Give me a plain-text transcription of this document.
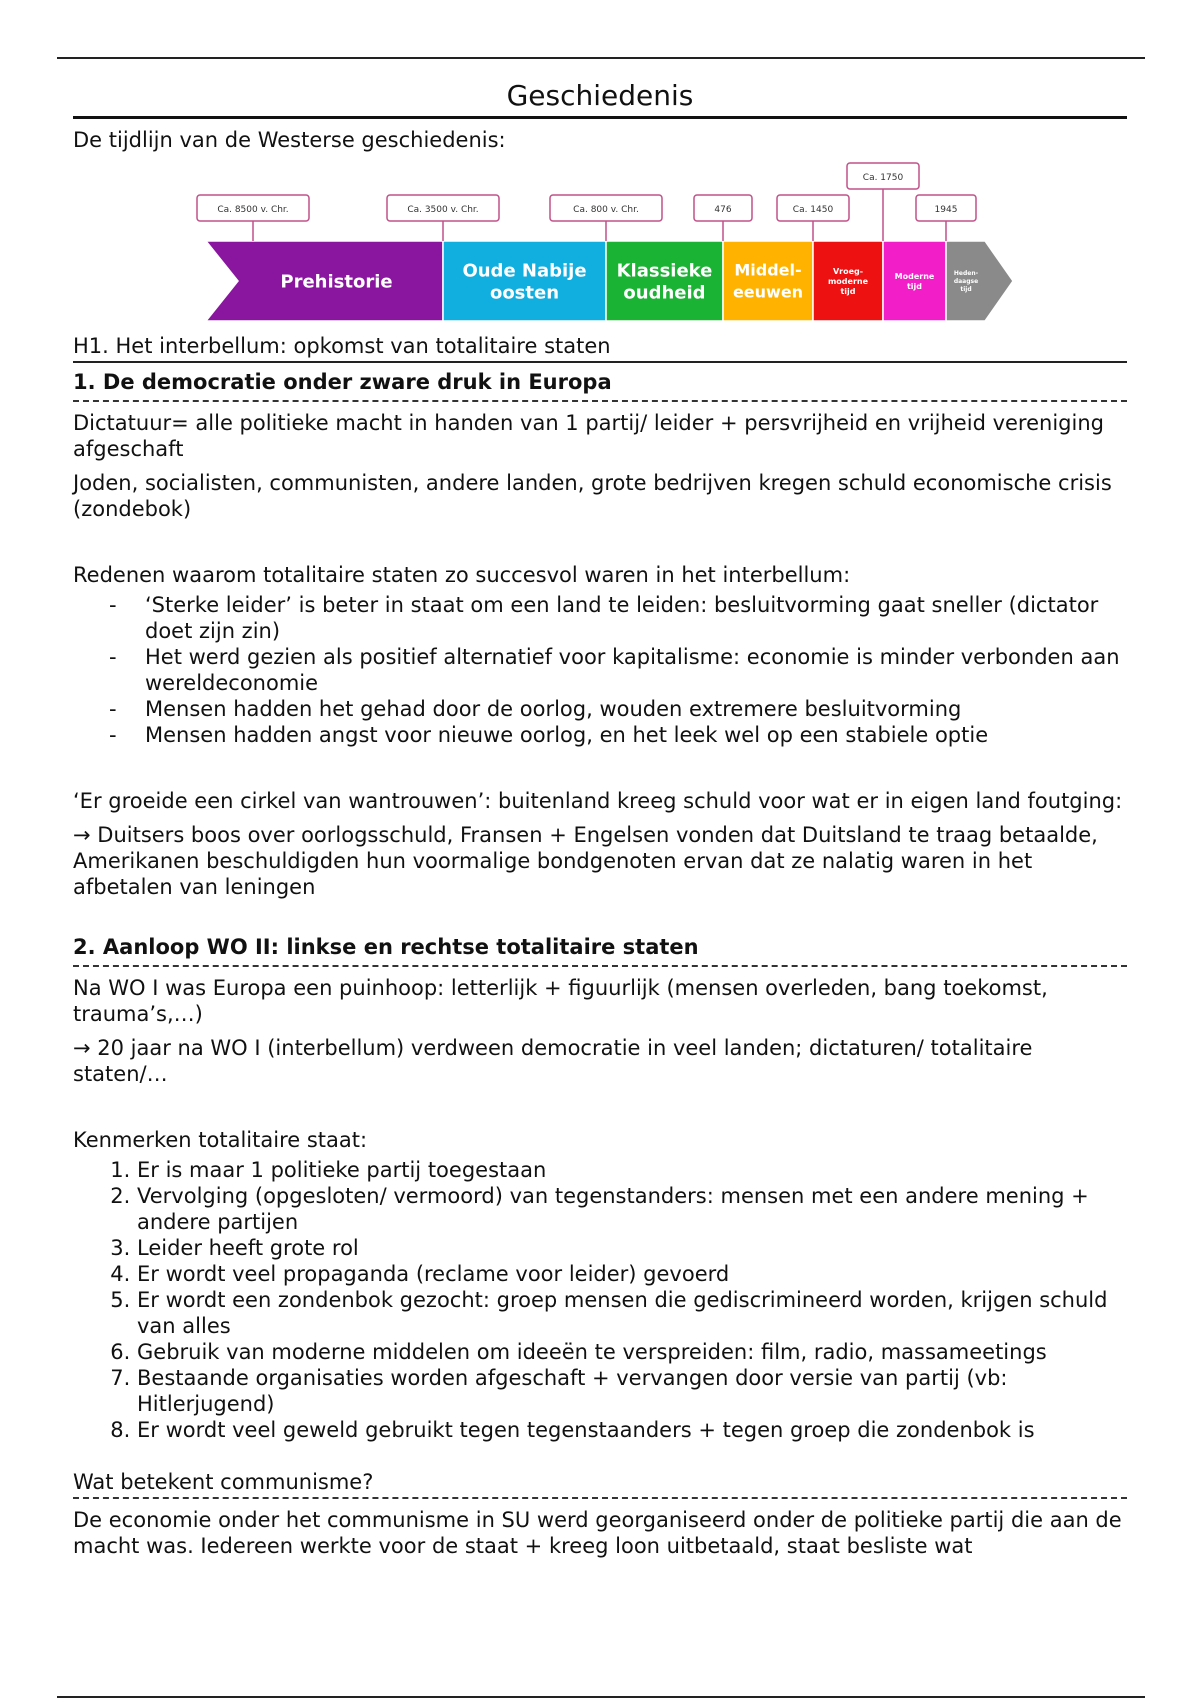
Geschiedenis

De tijdlijn van de Westerse geschiedenis:

Prehistorie
Oude Nabije oosten
Klassieke oudheid
Middel-eeuwen
Vroeg-moderne tijd
Moderne tijd
Heden-daagse tijd
Ca. 8500 v. Chr.	Ca. 3500 v. Chr.	Ca. 800 v. Chr.	476	Ca. 1450
Ca. 1750
1945
H1. Het interbellum: opkomst van totalitaire staten
1. De democratie onder zware druk in Europa

Dictatuur= alle politieke macht in handen van 1 partij/ leider + persvrijheid en vrijheid vereniging afgeschaft

Joden, socialisten, communisten, andere landen, grote bedrijven kregen schuld economische crisis (zondebok)

Redenen waarom totalitaire staten zo succesvol waren in het interbellum:

- ‘Sterke leider’ is beter in staat om een land te leiden: besluitvorming gaat sneller (dictator doet zijn zin)
- Het werd gezien als positief alternatief voor kapitalisme: economie is minder verbonden aan wereldeconomie
- Mensen hadden het gehad door de oorlog, wouden extremere besluitvorming
- Mensen hadden angst voor nieuwe oorlog, en het leek wel op een stabiele optie

‘Er groeide een cirkel van wantrouwen’: buitenland kreeg schuld voor wat er in eigen land foutging:

→ Duitsers boos over oorlogsschuld, Fransen + Engelsen vonden dat Duitsland te traag betaalde, Amerikanen beschuldigden hun voormalige bondgenoten ervan dat ze nalatig waren in het afbetalen van leningen

2. Aanloop WO II: linkse en rechtse totalitaire staten

Na WO I was Europa een puinhoop: letterlijk + figuurlijk (mensen overleden, bang toekomst, trauma’s,…)

→ 20 jaar na WO I (interbellum) verdween democratie in veel landen; dictaturen/ totalitaire staten/…

Kenmerken totalitaire staat:

1. Er is maar 1 politieke partij toegestaan
2. Vervolging (opgesloten/ vermoord) van tegenstanders: mensen met een andere mening + andere partijen
3. Leider heeft grote rol
4. Er wordt veel propaganda (reclame voor leider) gevoerd
5. Er wordt een zondenbok gezocht: groep mensen die gediscrimineerd worden, krijgen schuld van alles
6. Gebruik van moderne middelen om ideeën te verspreiden: film, radio, massameetings
7. Bestaande organisaties worden afgeschaft + vervangen door versie van partij (vb: Hitlerjugend)
8. Er wordt veel geweld gebruikt tegen tegenstaanders + tegen groep die zondenbok is
Wat betekent communisme?

De economie onder het communisme in SU werd georganiseerd onder de politieke partij die aan de macht was. Iedereen werkte voor de staat + kreeg loon uitbetaald, staat besliste wat
